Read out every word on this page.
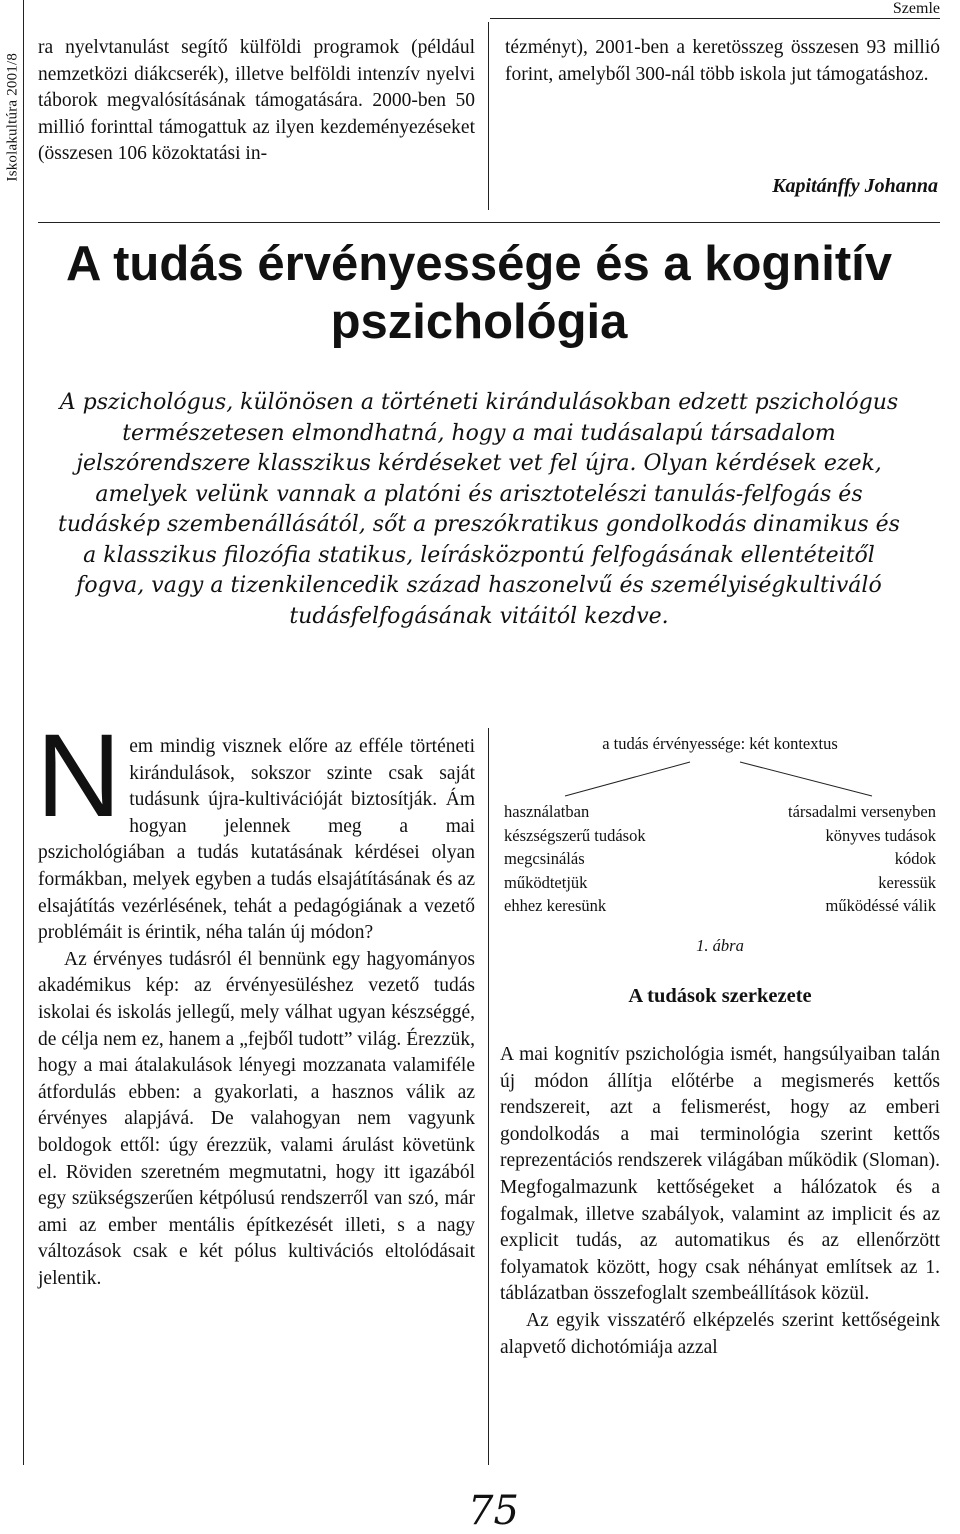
Iskolakultúra 2001/8
Szemle

ra nyelvtanulást segítő külföldi programok (például nemzetközi diákcserék), illetve belföldi intenzív nyelvi táborok megvalósításának támogatására. 2000-ben 50 millió forinttal támogattuk az ilyen kezdeményezéseket (összesen 106 közoktatási in-

tézményt), 2001-ben a keretösszeg összesen 93 millió forint, amelyből 300-nál több iskola jut támogatáshoz.

Kapitánffy Johanna
A tudás érvényessége és a kognitív pszichológia

A pszichológus, különösen a történeti kirándulásokban edzett pszichológus természetesen elmondhatná, hogy a mai tudásalapú társadalom jelszórendszere klasszikus kérdéseket vet fel újra. Olyan kérdések ezek, amelyek velünk vannak a platóni és arisztotelészi tanulás-felfogás és tudáskép szembenállásától, sőt a preszókratikus gondolkodás dinamikus és a klasszikus filozófia statikus, leírásközpontú felfogásának ellentéteitől fogva, vagy a tizenkilencedik század haszonelvű és személyiségkultiváló tudásfelfogásának vitáitól kezdve.

Nem mindig visznek előre az efféle történeti kirándulások, sokszor szinte csak saját tudásunk újra-kultivációját biztosítják. Ám hogyan jelennek meg a mai pszichológiában a tudás kutatásának kérdései olyan formákban, melyek egyben a tudás elsajátításának és az elsajátítás vezérlésének, tehát a pedagógiának a vezető problémáit is érintik, néha talán új módon?

Az érvényes tudásról él bennünk egy hagyományos akadémikus kép: az érvényesüléshez vezető tudás iskolai és iskolás jellegű, mely válhat ugyan készséggé, de célja nem ez, hanem a „fejből tudott” világ. Érezzük, hogy a mai átalakulások lényegi mozzanata valamiféle átfordulás ebben: a gyakorlati, a hasznos válik az érvényes alapjává. De valahogyan nem vagyunk boldogok ettől: úgy érezzük, valami árulást követünk el. Röviden szeretném megmutatni, hogy itt igazából egy szükségszerűen kétpólusú rendszerről van szó, már ami az ember mentális építkezését illeti, s a nagy változások csak e két pólus kultivációs eltolódásait jelentik.

a tudás érvényessége: két kontextus
használatban
készségszerű tudások
megcsinálás
működtetjük
ehhez keresünk
társadalmi versenyben
könyves tudások
kódok
keressük
működéssé válik
1. ábra
A tudások szerkezete

A mai kognitív pszichológia ismét, hangsúlyaiban talán új módon állítja előtérbe a megismerés kettős rendszereit, azt a felismerést, hogy az emberi gondolkodás a mai terminológia szerint kettős reprezentációs rendszerek világában működik (Sloman). Megfogalmazunk kettőségeket a hálózatok és a fogalmak, illetve szabályok, valamint az implicit és az explicit tudás, az automatikus és az ellenőrzött folyamatok között, hogy csak néhányat említsek az 1. táblázatban összefoglalt szembeállítások közül.

Az egyik visszatérő elképzelés szerint kettőségeink alapvető dichotómiája azzal

75
